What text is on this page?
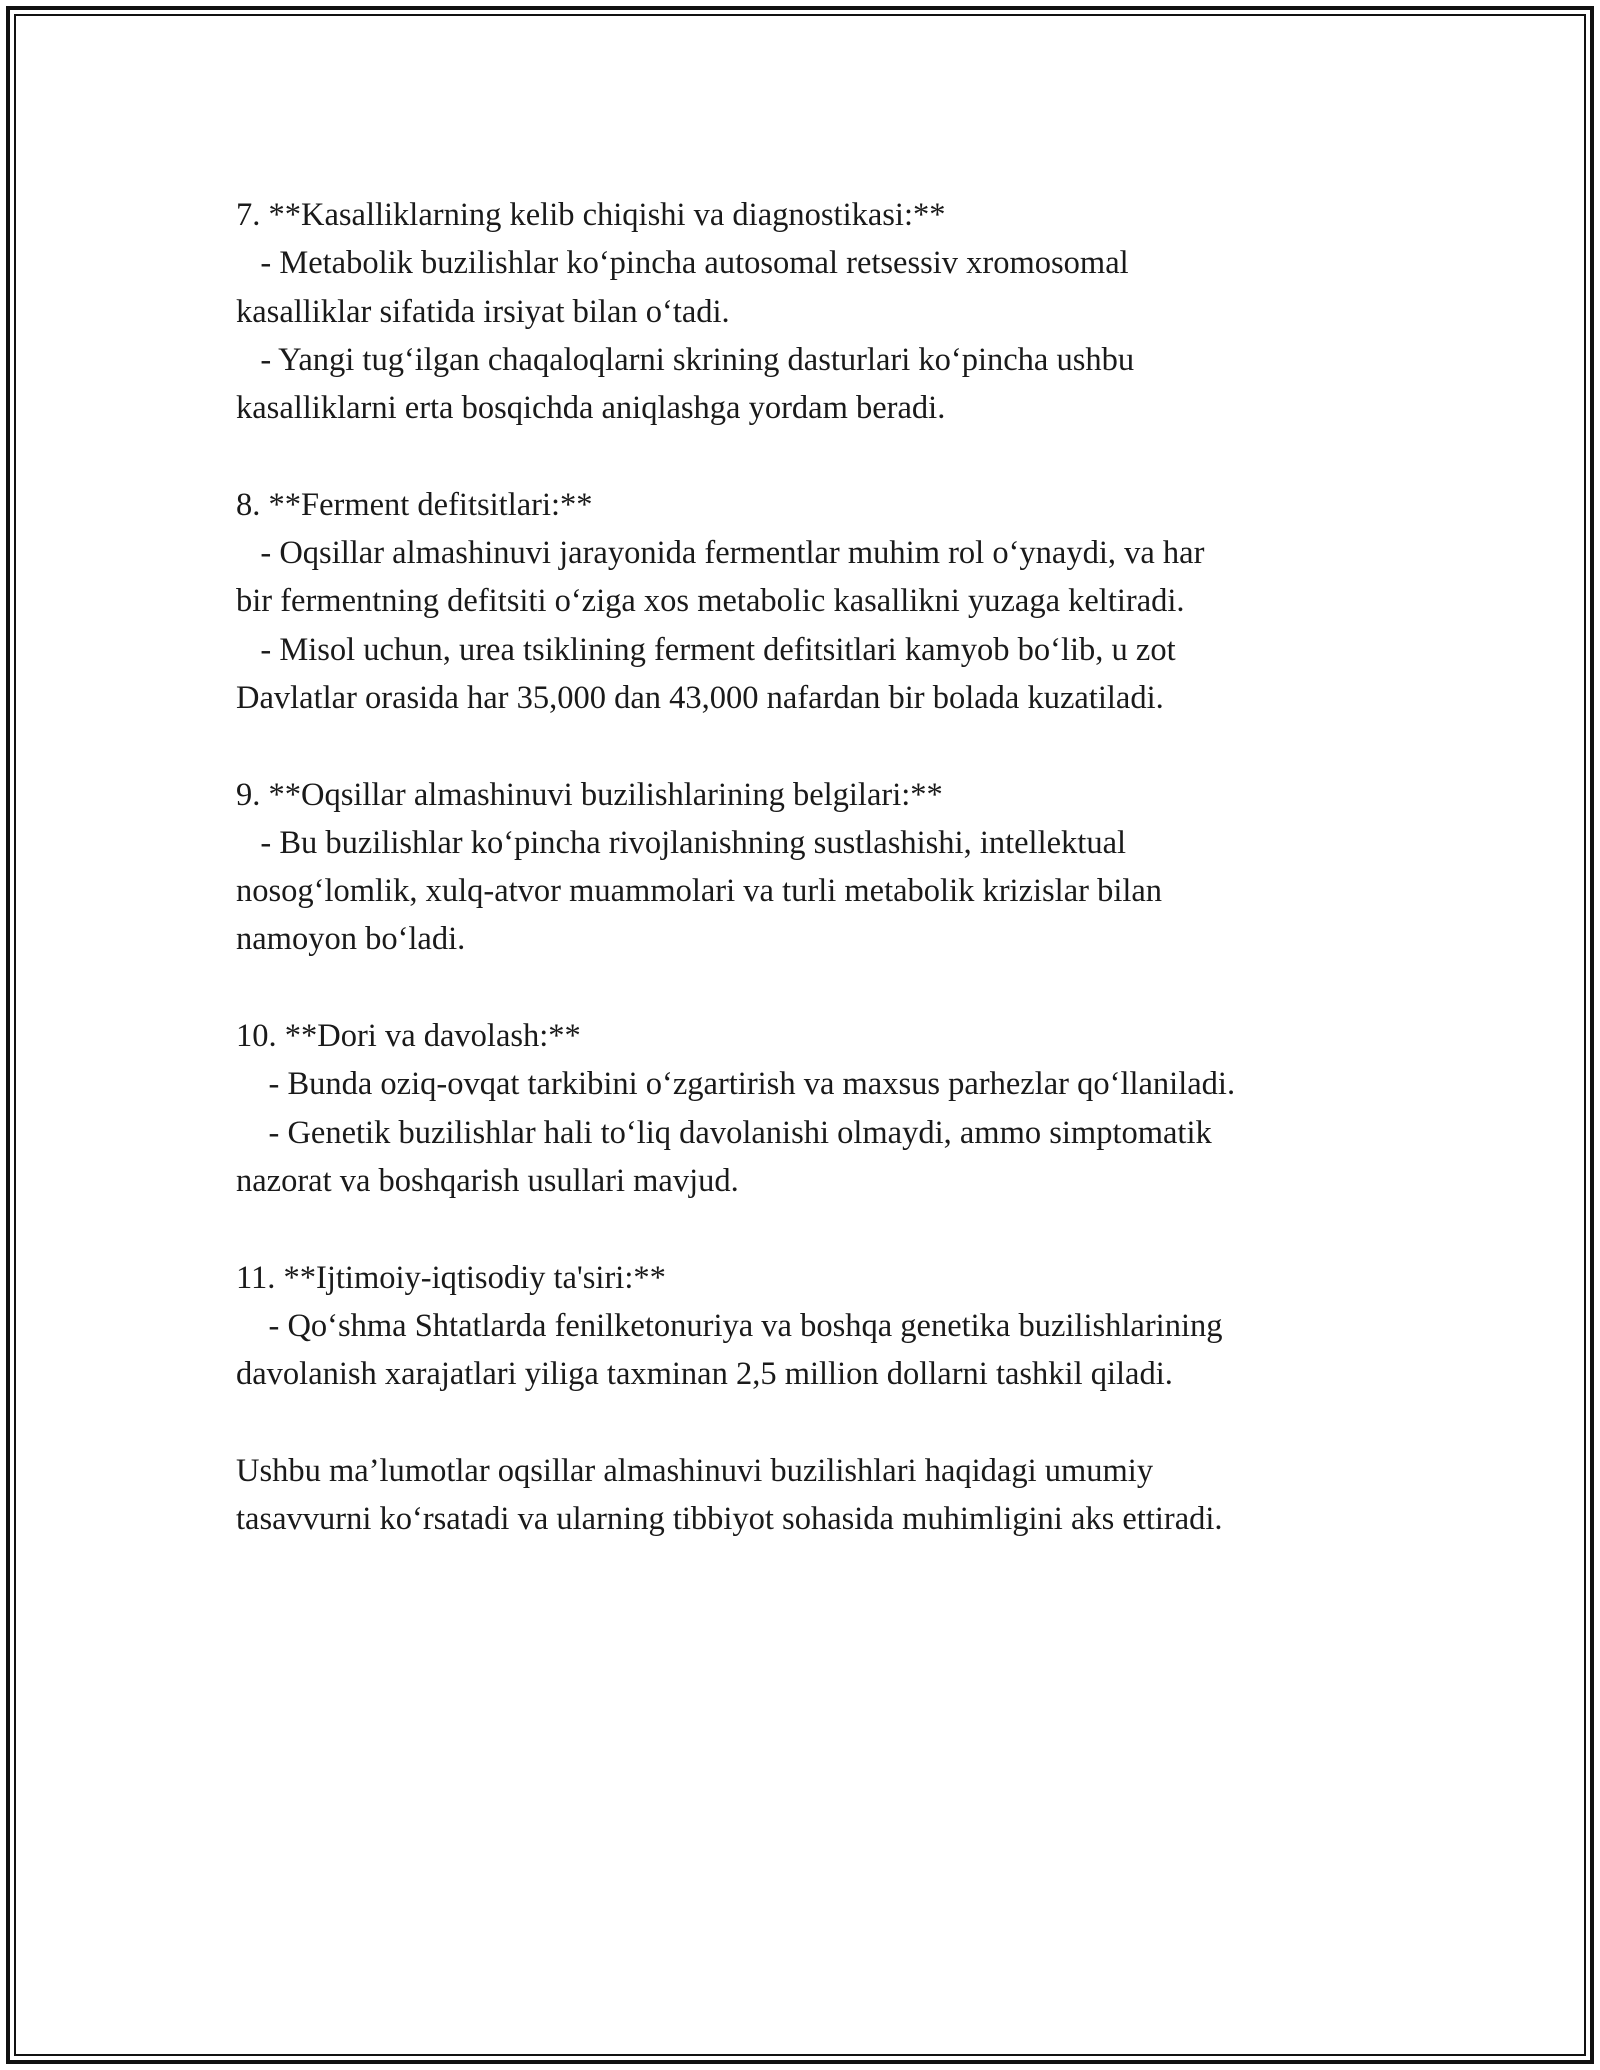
7. **Kasalliklarning kelib chiqishi va diagnostikasi:**
- Metabolik buzilishlar ko‘pincha autosomal retsessiv xromosomal
kasalliklar sifatida irsiyat bilan o‘tadi.
- Yangi tug‘ilgan chaqaloqlarni skrining dasturlari ko‘pincha ushbu
kasalliklarni erta bosqichda aniqlashga yordam beradi.
8. **Ferment defitsitlari:**
- Oqsillar almashinuvi jarayonida fermentlar muhim rol o‘ynaydi, va har
bir fermentning defitsiti o‘ziga xos metabolic kasallikni yuzaga keltiradi.
- Misol uchun, urea tsiklining ferment defitsitlari kamyob bo‘lib, u zot
Davlatlar orasida har 35,000 dan 43,000 nafardan bir bolada kuzatiladi.
9. **Oqsillar almashinuvi buzilishlarining belgilari:**
- Bu buzilishlar ko‘pincha rivojlanishning sustlashishi, intellektual
nosog‘lomlik, xulq-atvor muammolari va turli metabolik krizislar bilan
namoyon bo‘ladi.
10. **Dori va davolash:**
- Bunda oziq-ovqat tarkibini o‘zgartirish va maxsus parhezlar qo‘llaniladi.
- Genetik buzilishlar hali to‘liq davolanishi olmaydi, ammo simptomatik
nazorat va boshqarish usullari mavjud.
11. **Ijtimoiy-iqtisodiy ta'siri:**
- Qo‘shma Shtatlarda fenilketonuriya va boshqa genetika buzilishlarining
davolanish xarajatlari yiliga taxminan 2,5 million dollarni tashkil qiladi.
Ushbu ma’lumotlar oqsillar almashinuvi buzilishlari haqidagi umumiy
tasavvurni ko‘rsatadi va ularning tibbiyot sohasida muhimligini aks ettiradi.
